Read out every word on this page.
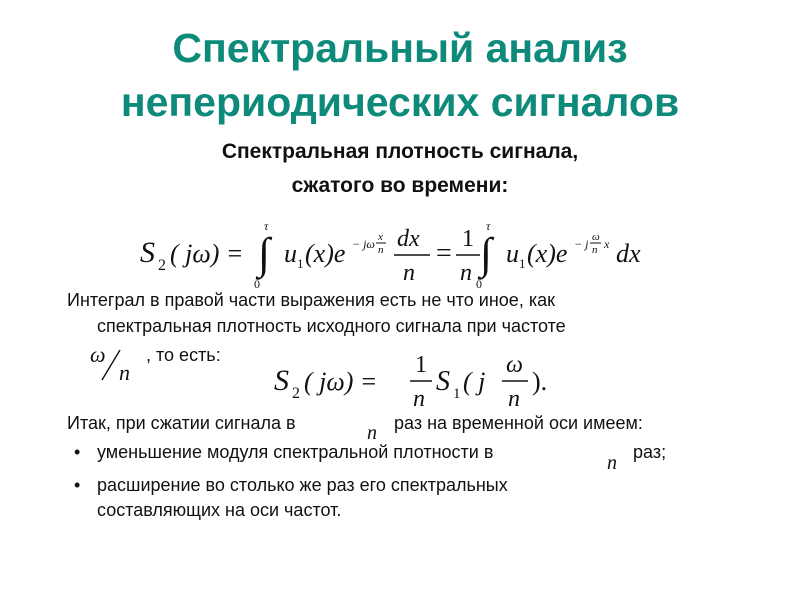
Спектральный анализ
непериодических сигналов
Спектральная плотность сигнала,
сжатого во времени:
S 2 ( jω) = ∫
τ
0
u 1 (x)e − jω x
n dx
n
= 1
n ∫
τ
0
u 1 (x)e − j ω
n x dx
Интеграл в правой части выражения есть не что иное, как
спектральная плотность исходного сигнала при частоте
ω
n
, то есть:
S 2 ( jω) =
1
n
S 1 ( j
ω
n
).
Итак, при сжатии сигнала в	n раз на временной оси имеем:
• уменьшение модуля спектральной плотности в	n раз;
• расширение во столько же раз его спектральных
составляющих на оси частот.
